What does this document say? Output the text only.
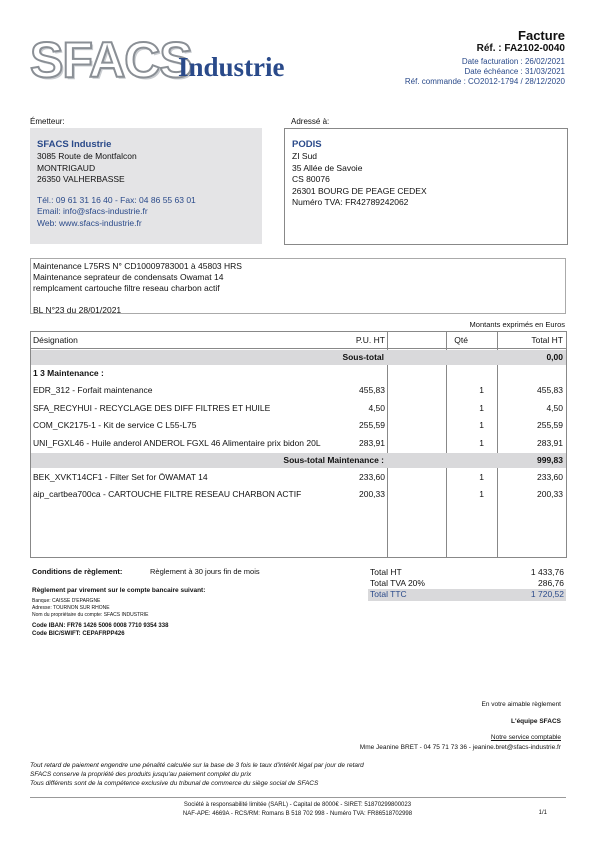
SFACS
Industrie
Facture
Réf. : FA2102-0040
Date facturation : 26/02/2021
Date échéance : 31/03/2021
Réf. commande : CO2012-1794 / 28/12/2020
Émetteur:	Adressé à:
SFACS Industrie
3085 Route de Montfalcon
MONTRIGAUD
26350 VALHERBASSE
Tél.: 09 61 31 16 40 - Fax: 04 86 55 63 01
Email: info@sfacs-industrie.fr
Web: www.sfacs-industrie.fr
PODIS
ZI Sud
35 Allée de Savoie
CS 80076
26301 BOURG DE PEAGE CEDEX
Numéro TVA: FR42789242062
Maintenance L75RS N° CD10009783001 à 45803 HRS
Maintenance seprateur de condensats Owamat 14
remplcament cartouche filtre reseau charbon actif
BL N°23 du 28/01/2021
Montants exprimés en Euros
Désignation	P.U. HT	Qté	Total HT
Sous-total	0,00
1 3 Maintenance :
EDR_312 - Forfait maintenance	455,83	1	455,83
SFA_RECYHUI - RECYCLAGE DES DIFF FILTRES ET HUILE	4,50	1	4,50
COM_CK2175-1 - Kit de service C L55-L75	255,59	1	255,59
UNI_FGXL46 - Huile anderol ANDEROL FGXL 46 Alimentaire prix bidon 20L	283,91	1	283,91
Sous-total Maintenance :	999,83
BEK_XVKT14CF1 - Filter Set for ÖWAMAT 14	233,60	1	233,60
aip_cartbea700ca - CARTOUCHE FILTRE RESEAU CHARBON ACTIF	200,33	1	200,33
Conditions de règlement:	Règlement à 30 jours fin de mois
Règlement par virement sur le compte bancaire suivant:
Banque: CAISSE D'EPARGNE
Adresse: TOURNON SUR RHONE
Nom du propriétaire du compte: SFACS INDUSTRIE
Code IBAN: FR76 1426 5006 0008 7710 9354 338
Code BIC/SWIFT: CEPAFRPP426
Total HT	1 433,76
Total TVA 20%	286,76
Total TTC	1 720,52
En votre aimable règlement
L'équipe SFACS
Notre service comptable
Mme Jeanine BRET - 04 75 71 73 36 - jeanine.bret@sfacs-industrie.fr
Tout retard de paiement engendre une pénalité calculée sur la base de 3 fois le taux d'intérêt légal par jour de retard
SFACS conserve la propriété des produits jusqu'au paiement complet du prix
Tous différents sont de la compétence exclusive du tribunal de commerce du siège social de SFACS
Société à responsabilité limitée (SARL) - Capital de 8000€ - SIRET: 51870299800023
NAF-APE: 4669A - RCS/RM: Romans B 518 702 998 - Numéro TVA: FR86518702998	1/1
